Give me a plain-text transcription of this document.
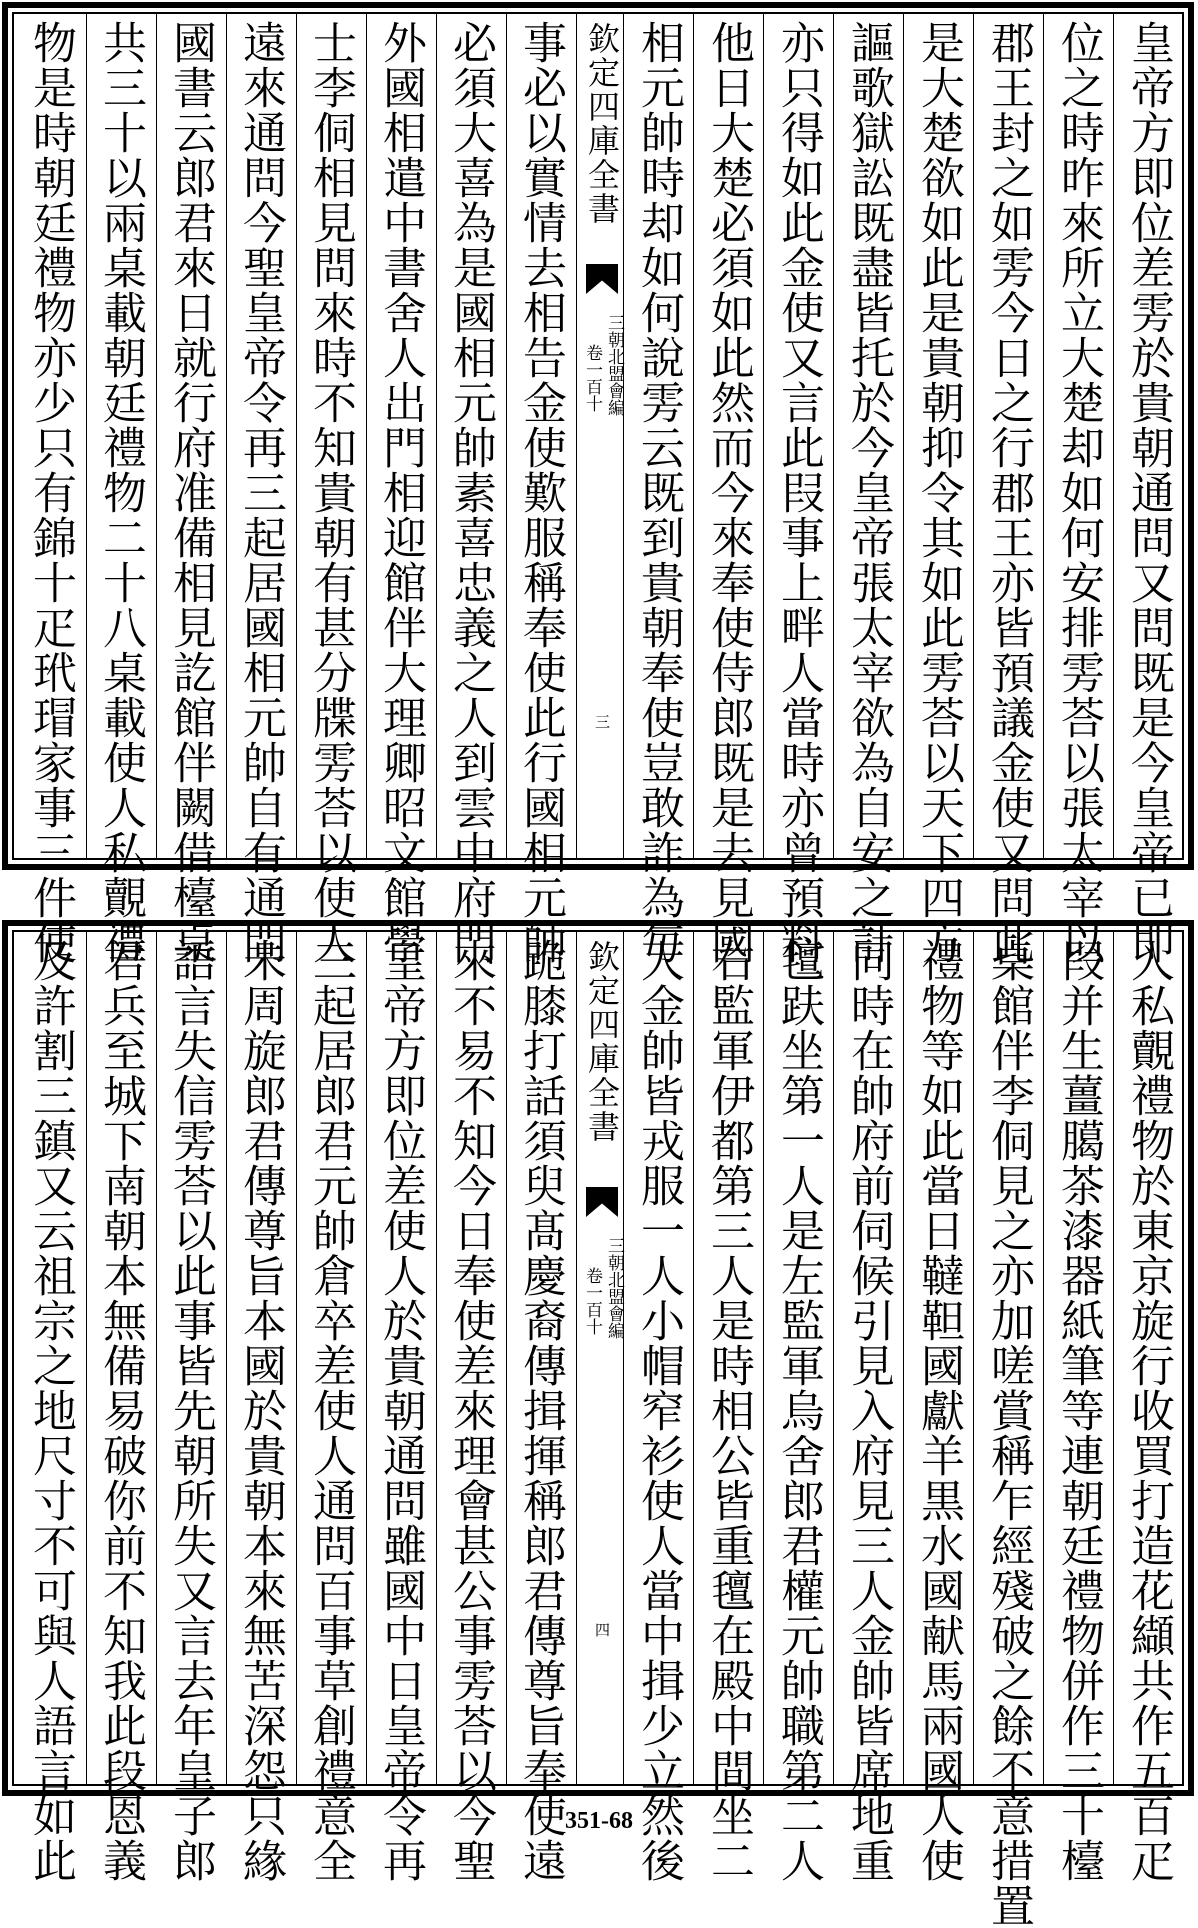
皇帝方即位差雱於貴朝通問又問既是今皇帝已即
位之時昨來所立大楚却如何安排雱荅以張太宰以
郡王封之如雱今日之行郡王亦皆預議金使又問此
是大楚欲如此是貴朝抑令其如此雱荅以天下四方
謳歌獄訟既盡皆托於今皇帝張太宰欲為自安之計
亦只得如此金使又言此叚事上畔人當時亦曾預料
他日大楚必須如此然而今來奉使侍郎既是去見國
相元帥時却如何說雱云既到貴朝奉使豈敢詐為毎
欽定四庫全書
三朝北盟會編
卷一百十
三
事必以實情去相告金使歎服稱奉使此行國相元帥
必須大喜為是國相元帥素喜忠義之人到雲中府門
外國相遣中書舍人出門相迎館伴大理卿昭文館學
士李侗相見問來時不知貴朝有甚分牒雱荅以使人
遠來通問今聖皇帝令再三起居國相元帥自有通問
國書云郎君來日就行府准備相見訖館伴闕借檯桌
共三十以兩桌載朝廷禮物二十八桌載使人私覿禮
物是時朝廷禮物亦少只有錦十疋玳瑁家事三件使
人私覿禮物於東京旋行收買打造花纈共作五百疋
叚并生薑臈茶漆器紙筆等連朝廷禮物併作三十檯
桌館伴李侗見之亦加嗟賞稱乍經殘破之餘不意措置
禮物等如此當日韃靼國獻羊黒水國献馬兩國人使
同時在帥府前伺候引見入府見三人金帥皆席地重
氊趺坐第一人是左監軍烏舍郎君權元帥職第二人
右監軍伊都第三人是時相公皆重氊在殿中間坐二
人金帥皆戎服一人小帽窄衫使人當中揖少立然後
欽定四庫全書
三朝北盟會編
卷一百十
四
跪膝打話須臾髙慶裔傳揖揮稱郎君傳尊旨奉使遠
來不易不知今日奉使差來理會甚公事雱荅以今聖
皇帝方即位差使人於貴朝通問雖國中日皇帝令再
三起居郎君元帥倉卒差使人通問百事草創禮意全
未周旋郎君傳尊旨本國於貴朝本來無苦深怨只緣
語言失信雱荅以此事皆先朝所失又言去年皇子郎
君兵至城下南朝本無備易破你前不知我此段恩義
及許割三鎮又云祖宗之地尺寸不可與人語言如此	351-68
